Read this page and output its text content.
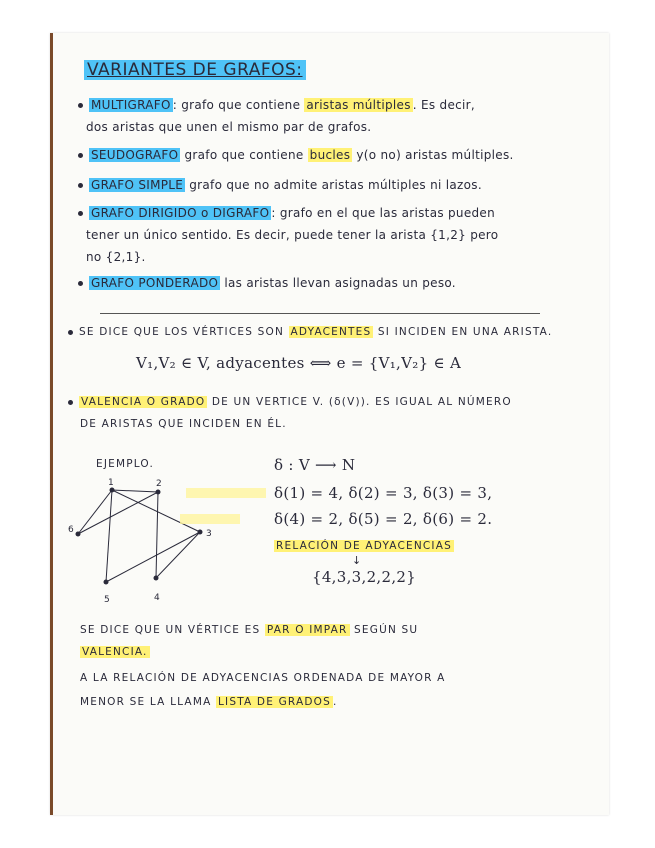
VARIANTES DE GRAFOS:
MULTIGRAFO : grafo que contiene aristas múltiples . Es decir,
dos aristas que unen el mismo par de grafos.
SEUDOGRAFO grafo que contiene bucles y(o no) aristas múltiples.
GRAFO SIMPLE grafo que no admite aristas múltiples ni lazos.
GRAFO DIRIGIDO o DIGRAFO : grafo en el que las aristas pueden
tener un único sentido. Es decir, puede tener la arista {1,2} pero
no {2,1}.
GRAFO PONDERADO las aristas llevan asignadas un peso.
SE DICE QUE LOS VÉRTICES SON ADYACENTES SI INCIDEN EN UNA ARISTA.
V₁,V₂ ∈ V, adyacentes ⟺ e = {V₁,V₂} ∈ A
VALENCIA O GRADO DE UN VERTICE V. (δ(V)). ES IGUAL AL NÚMERO
DE ARISTAS QUE INCIDEN EN ÉL.
EJEMPLO.
1	2
3
4
5
6
δ : V ⟶ N
δ(1) = 4, δ(2) = 3, δ(3) = 3,
δ(4) = 2, δ(5) = 2, δ(6) = 2.
RELACIÓN DE ADYACENCIAS
↓
{4,3,3,2,2,2}
SE DICE QUE UN VÉRTICE ES PAR O IMPAR SEGÚN SU
VALENCIA.
A LA RELACIÓN DE ADYACENCIAS ORDENADA DE MAYOR A
MENOR SE LA LLAMA LISTA DE GRADOS .
